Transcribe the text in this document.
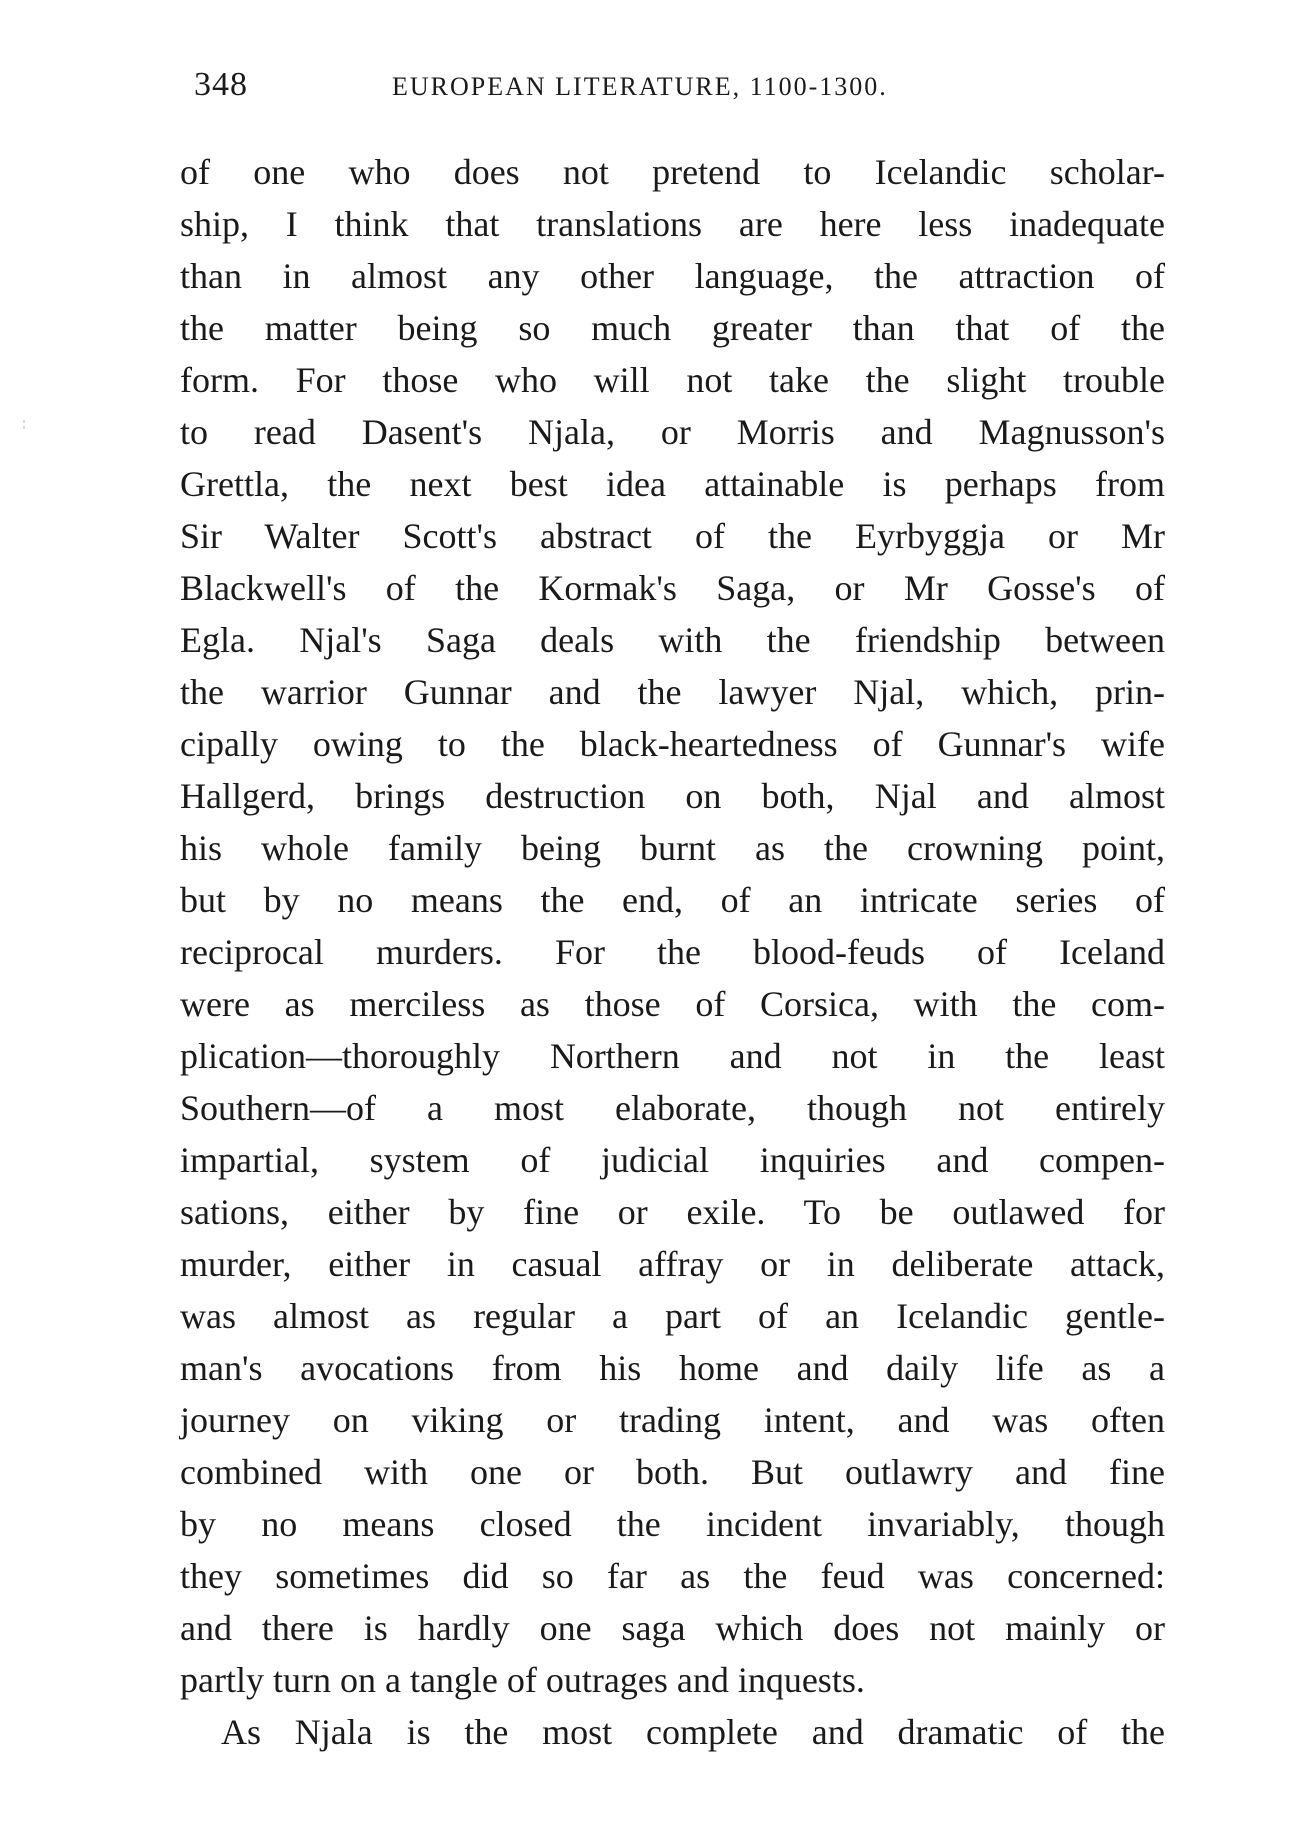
348	EUROPEAN LITERATURE, 1100-1300.
of one who does not pretend to Icelandic scholar-
ship, I think that translations are here less inadequate
than in almost any other language, the attraction of
the matter being so much greater than that of the
form. For those who will not take the slight trouble
to read Dasent's Njala, or Morris and Magnusson's
Grettla, the next best idea attainable is perhaps from
Sir Walter Scott's abstract of the Eyrbyggja or Mr
Blackwell's of the Kormak's Saga, or Mr Gosse's of
Egla. Njal's Saga deals with the friendship between
the warrior Gunnar and the lawyer Njal, which, prin-
cipally owing to the black-heartedness of Gunnar's wife
Hallgerd, brings destruction on both, Njal and almost
his whole family being burnt as the crowning point,
but by no means the end, of an intricate series of
reciprocal murders. For the blood-feuds of Iceland
were as merciless as those of Corsica, with the com-
plication—thoroughly Northern and not in the least
Southern—of a most elaborate, though not entirely
impartial, system of judicial inquiries and compen-
sations, either by fine or exile. To be outlawed for
murder, either in casual affray or in deliberate attack,
was almost as regular a part of an Icelandic gentle-
man's avocations from his home and daily life as a
journey on viking or trading intent, and was often
combined with one or both. But outlawry and fine
by no means closed the incident invariably, though
they sometimes did so far as the feud was concerned:
and there is hardly one saga which does not mainly or
partly turn on a tangle of outrages and inquests.
As Njala is the most complete and dramatic of the
